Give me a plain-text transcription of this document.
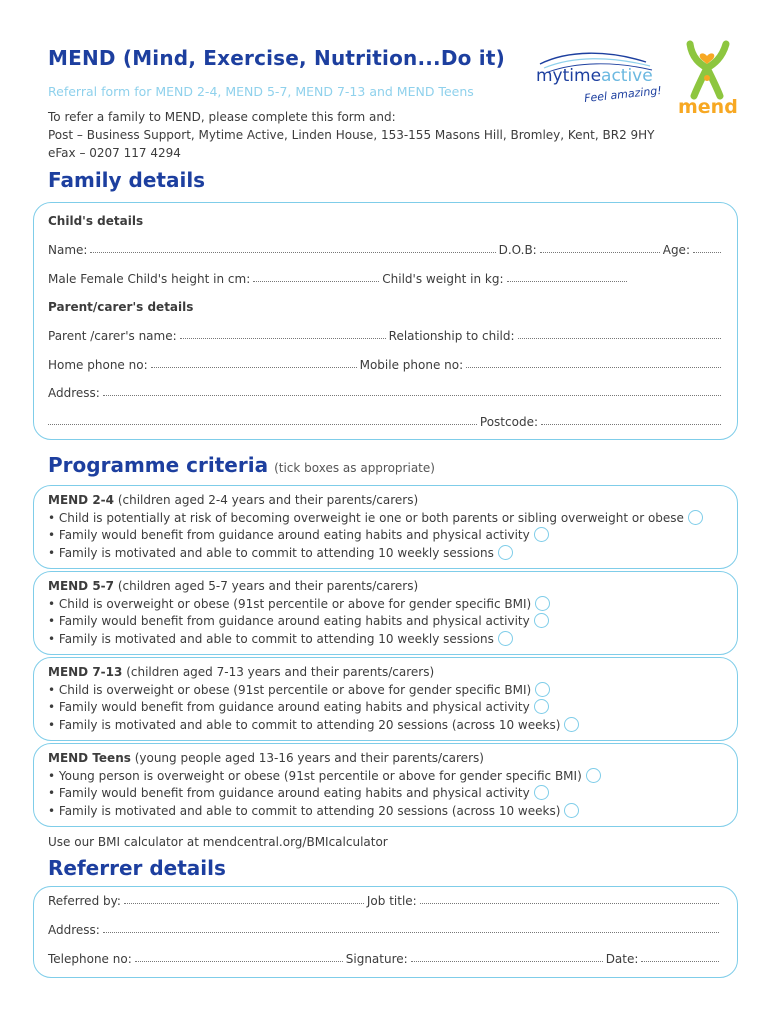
MEND (Mind, Exercise, Nutrition...Do it)
Referral form for MEND 2-4, MEND 5-7, MEND 7-13 and MEND Teens
To refer a family to MEND, please complete this form and:
Post – Business Support, Mytime Active, Linden House, 153-155 Masons Hill, Bromley, Kent, BR2 9HY
eFax – 0207 117 4294
mytimeactive
Feel amazing!
mend
Family details
Child's details
Name:	D.O.B:	Age:
Male Female
Child's height in cm:	Child's weight in kg:
Parent/carer's details
Parent /carer's name:	Relationship to child:
Home phone no:	Mobile phone no:
Address:
Postcode:
Programme criteria (tick boxes as appropriate)
MEND 2-4 (children aged 2-4 years and their parents/carers)
• Child is potentially at risk of becoming overweight ie one or both parents or sibling overweight or obese
• Family would benefit from guidance around eating habits and physical activity
• Family is motivated and able to commit to attending 10 weekly sessions
MEND 5-7 (children aged 5-7 years and their parents/carers)
• Child is overweight or obese (91st percentile or above for gender specific BMI)
• Family would benefit from guidance around eating habits and physical activity
• Family is motivated and able to commit to attending 10 weekly sessions
MEND 7-13 (children aged 7-13 years and their parents/carers)
• Child is overweight or obese (91st percentile or above for gender specific BMI)
• Family would benefit from guidance around eating habits and physical activity
• Family is motivated and able to commit to attending 20 sessions (across 10 weeks)
MEND Teens (young people aged 13-16 years and their parents/carers)
• Young person is overweight or obese (91st percentile or above for gender specific BMI)
• Family would benefit from guidance around eating habits and physical activity
• Family is motivated and able to commit to attending 20 sessions (across 10 weeks)
Use our BMI calculator at mendcentral.org/BMIcalculator
Referrer details
Referred by:	Job title:
Address:
Telephone no:	Signature:	Date:
